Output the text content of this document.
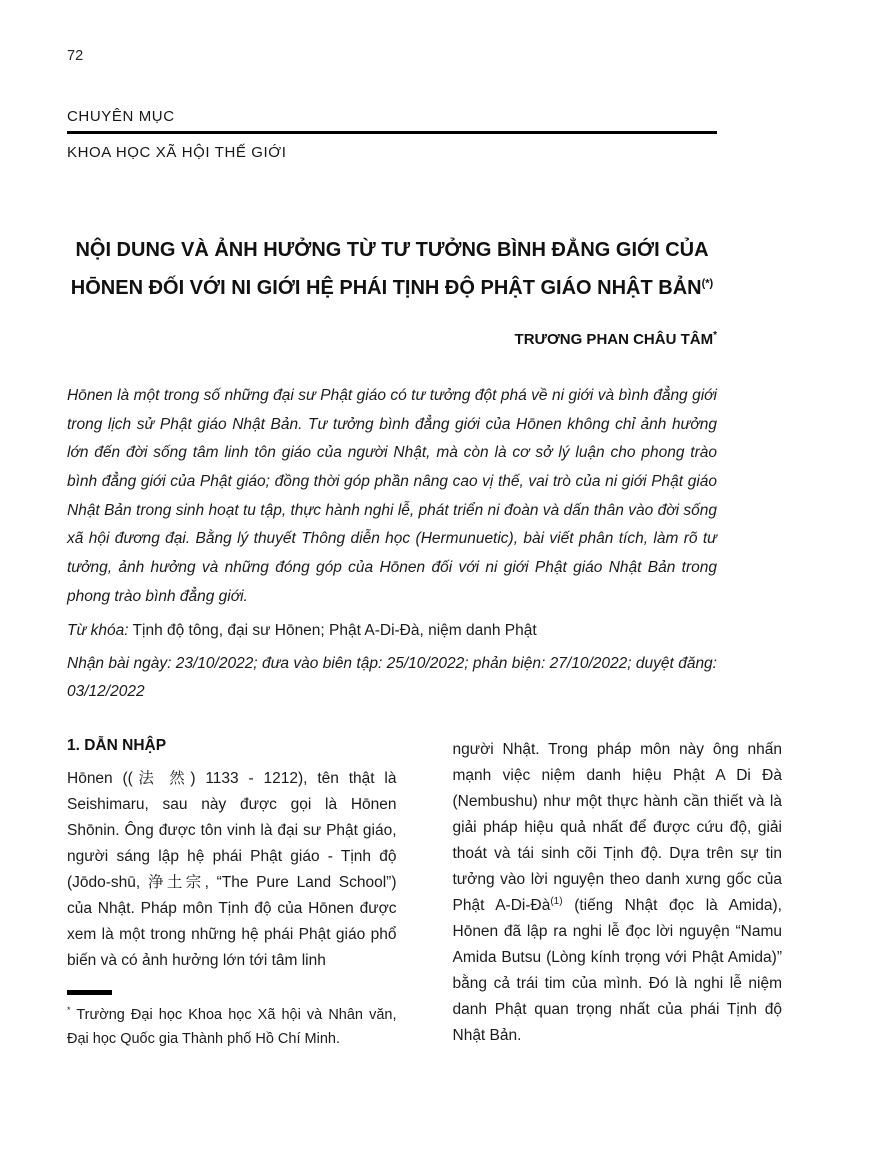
72
CHUYÊN MỤC
KHOA HỌC XÃ HỘI THẾ GIỚI
NỘI DUNG VÀ ẢNH HƯỞNG TỪ TƯ TƯỞNG BÌNH ĐẲNG GIỚI CỦA HŌNEN ĐỐI VỚI NI GIỚI HỆ PHÁI TỊNH ĐỘ PHẬT GIÁO NHẬT BẢN(*)
TRƯƠNG PHAN CHÂU TÂM*

Hōnen là một trong số những đại sư Phật giáo có tư tưởng đột phá về ni giới và bình đẳng giới trong lịch sử Phật giáo Nhật Bản. Tư tưởng bình đẳng giới của Hōnen không chỉ ảnh hưởng lớn đến đời sống tâm linh tôn giáo của người Nhật, mà còn là cơ sở lý luận cho phong trào bình đẳng giới của Phật giáo; đồng thời góp phần nâng cao vị thế, vai trò của ni giới Phật giáo Nhật Bản trong sinh hoạt tu tập, thực hành nghi lễ, phát triển ni đoàn và dấn thân vào đời sống xã hội đương đại. Bằng lý thuyết Thông diễn học (Hermunuetic), bài viết phân tích, làm rõ tư tưởng, ảnh hưởng và những đóng góp của Hōnen đối với ni giới Phật giáo Nhật Bản trong phong trào bình đẳng giới.

Từ khóa: Tịnh độ tông, đại sư Hōnen; Phật A-Di-Đà, niệm danh Phật

Nhận bài ngày: 23/10/2022; đưa vào biên tập: 25/10/2022; phản biện: 27/10/2022; duyệt đăng: 03/12/2022

1. DẪN NHẬP

Hōnen ((法 然) 1133 - 1212), tên thật là Seishimaru, sau này được gọi là Hōnen Shōnin. Ông được tôn vinh là đại sư Phật giáo, người sáng lập hệ phái Phật giáo - Tịnh độ (Jōdo-shū, 浄土宗, “The Pure Land School”) của Nhật. Pháp môn Tịnh độ của Hōnen được xem là một trong những hệ phái Phật giáo phổ biến và có ảnh hưởng lớn tới tâm linh

* Trường Đại học Khoa học Xã hội và Nhân văn, Đại học Quốc gia Thành phố Hồ Chí Minh.

người Nhật. Trong pháp môn này ông nhấn mạnh việc niệm danh hiệu Phật A Di Đà (Nembushu) như một thực hành cần thiết và là giải pháp hiệu quả nhất để được cứu độ, giải thoát và tái sinh cõi Tịnh độ. Dựa trên sự tin tưởng vào lời nguyện theo danh xưng gốc của Phật $A-Di-Đà^{(1)}$ (tiếng Nhật đọc là Amida), Hōnen đã lập ra nghi lễ đọc lời nguyện “Namu Amida Butsu (Lòng kính trọng với Phật Amida)” bằng cả trái tim của mình. Đó là nghi lễ niệm danh Phật quan trọng nhất của phái Tịnh độ Nhật Bản.
